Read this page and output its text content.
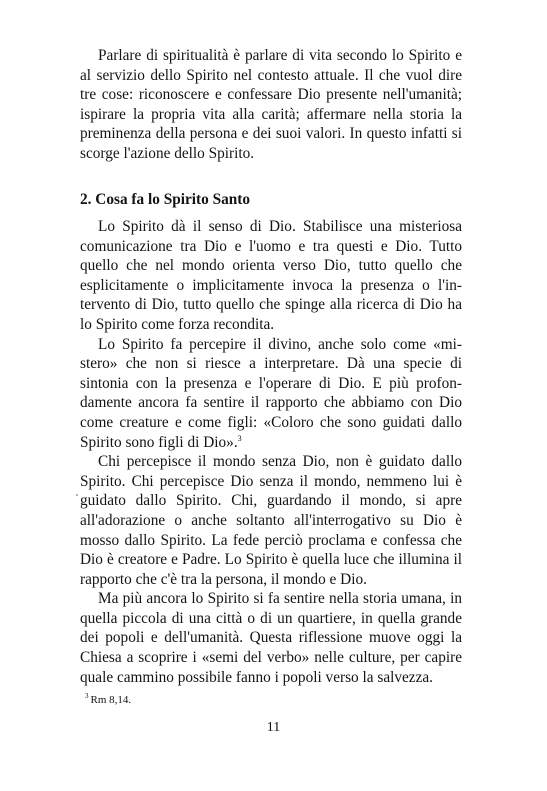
Parlare di spiritualità è parlare di vita secondo lo Spirito e al servizio dello Spirito nel contesto attuale. Il che vuol dire tre cose: riconoscere e confessare Dio presente nell'umanità; ispirare la propria vita alla carità; affermare nella storia la preminenza della persona e dei suoi valori. In questo infatti si scorge l'azione dello Spirito.

2. Cosa fa lo Spirito Santo

Lo Spirito dà il senso di Dio. Stabilisce una misteriosa comunicazione tra Dio e l'uomo e tra questi e Dio. Tutto quello che nel mondo orienta verso Dio, tutto quello che esplicitamente o implicitamente invoca la presenza o l'intervento di Dio, tutto quello che spinge alla ricerca di Dio ha lo Spirito come forza recondita.

Lo Spirito fa percepire il divino, anche solo come «mistero» che non si riesce a interpretare. Dà una specie di sintonia con la presenza e l'operare di Dio. E più profondamente ancora fa sentire il rapporto che abbiamo con Dio come creature e come figli: «Coloro che sono guidati dallo Spirito sono figli di Dio».$^3$

Chi percepisce il mondo senza Dio, non è guidato dallo Spirito. Chi percepisce Dio senza il mondo, nemmeno lui è guidato dallo Spirito. Chi, guardando il mondo, si apre all'adorazione o anche soltanto all'interrogativo su Dio è mosso dallo Spirito. La fede perciò proclama e confessa che Dio è creatore e Padre. Lo Spirito è quella luce che illumina il rapporto che c'è tra la persona, il mondo e Dio.

Ma più ancora lo Spirito si fa sentire nella storia umana, in quella piccola di una città o di un quartiere, in quella grande dei popoli e dell'umanità. Questa riflessione muove oggi la Chiesa a scoprire i «semi del verbo» nelle culture, per capire quale cammino possibile fanno i popoli verso la salvezza.

$^3$ Rm 8,14.

11
